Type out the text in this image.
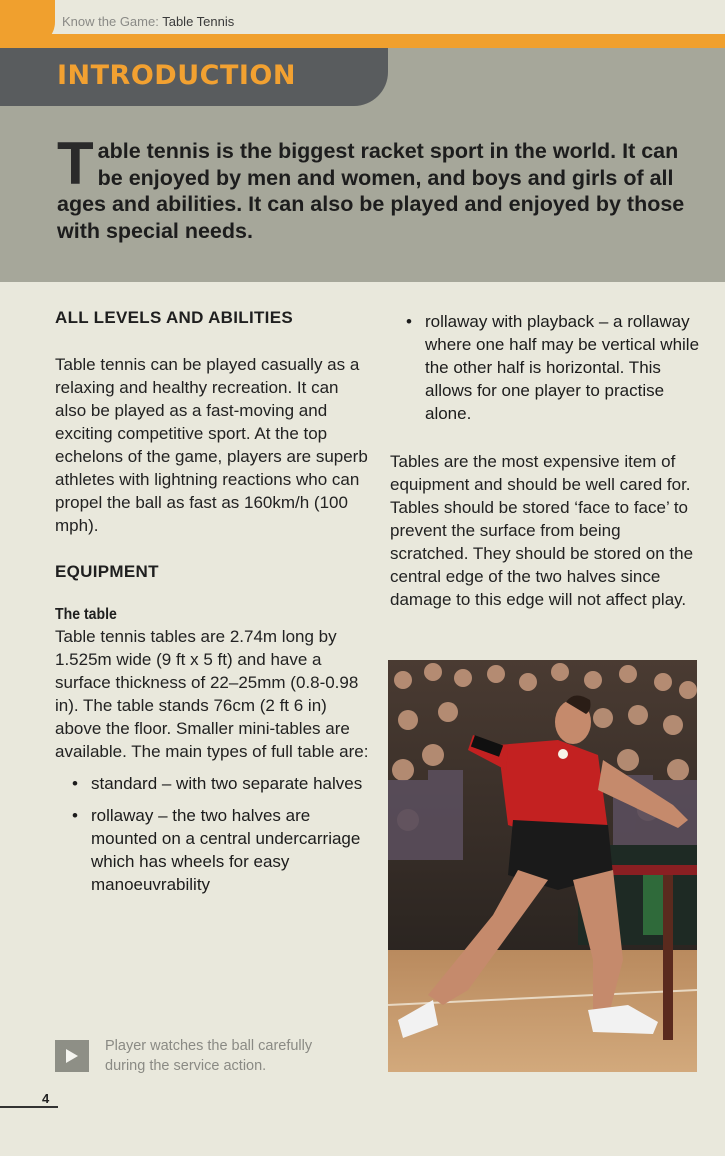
Know the Game: Table Tennis
INTRODUCTION
Table tennis is the biggest racket sport in the world. It can be enjoyed by men and women, and boys and girls of all ages and abilities. It can also be played and enjoyed by those with special needs.
ALL LEVELS AND ABILITIES

Table tennis can be played casually as a relaxing and healthy recreation. It can also be played as a fast-moving and exciting competitive sport. At the top echelons of the game, players are superb athletes with lightning reactions who can propel the ball as fast as 160km/h (100 mph).

EQUIPMENT
The table

Table tennis tables are 2.74m long by 1.525m wide (9 ft x 5 ft) and have a surface thickness of 22–25mm (0.8-0.98 in). The table stands 76cm (2 ft 6 in) above the floor. Smaller mini-tables are available. The main types of full table are:

• standard – with two separate halves
• rollaway – the two halves are mounted on a central undercarriage which has wheels for easy manoeuvrability
• rollaway with playback – a rollaway where one half may be vertical while the other half is horizontal. This allows for one player to practise alone.

Tables are the most expensive item of equipment and should be well cared for. Tables should be stored ‘face to face’ to prevent the surface from being scratched. They should be stored on the central edge of the two halves since damage to this edge will not affect play.

Player watches the ball carefully during the service action.
4
